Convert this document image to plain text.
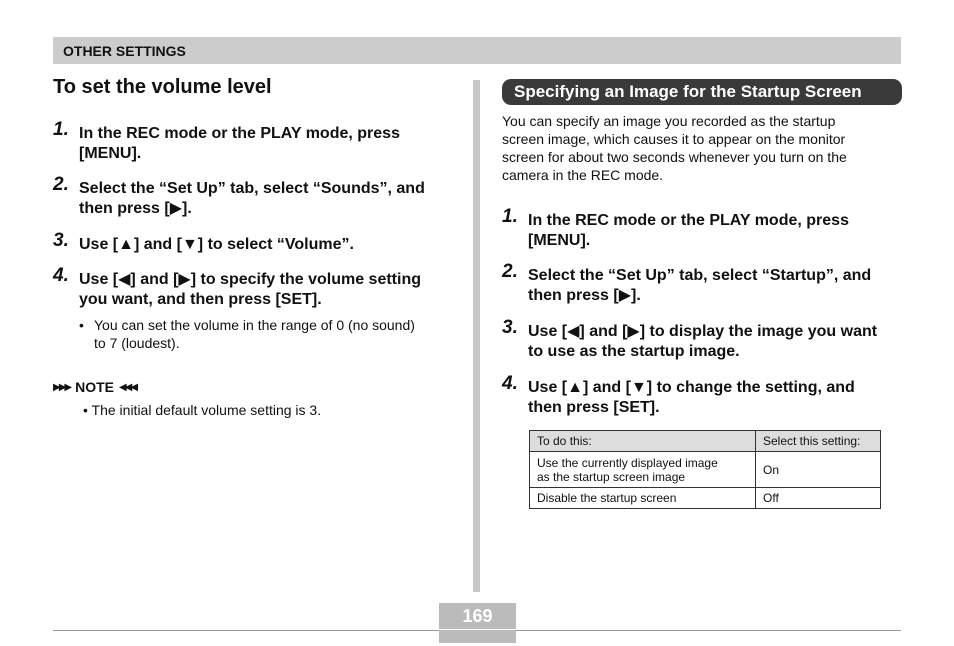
OTHER SETTINGS
To set the volume level
1. In the REC mode or the PLAY mode, press
[MENU].
2. Select the “Set Up” tab, select “Sounds”, and
then press [▶].
3. Use [▲] and [▼] to select “Volume”.
4. Use [◀] and [▶] to specify the volume setting
you want, and then press [SET].
• You can set the volume in the range of 0 (no sound)
to 7 (loudest).
▶▶▶ NOTE ◀◀◀
• The initial default volume setting is 3.
Specifying an Image for the Startup Screen
You can specify an image you recorded as the startup
screen image, which causes it to appear on the monitor
screen for about two seconds whenever you turn on the
camera in the REC mode.
1. In the REC mode or the PLAY mode, press
[MENU].
2. Select the “Set Up” tab, select “Startup”, and
then press [▶].
3. Use [◀] and [▶] to display the image you want
to use as the startup image.
4. Use [▲] and [▼] to change the setting, and
then press [SET].
To do this:	Select this setting:

Use the currently displayed image
as the startup screen image	On

Disable the startup screen	Off
169
